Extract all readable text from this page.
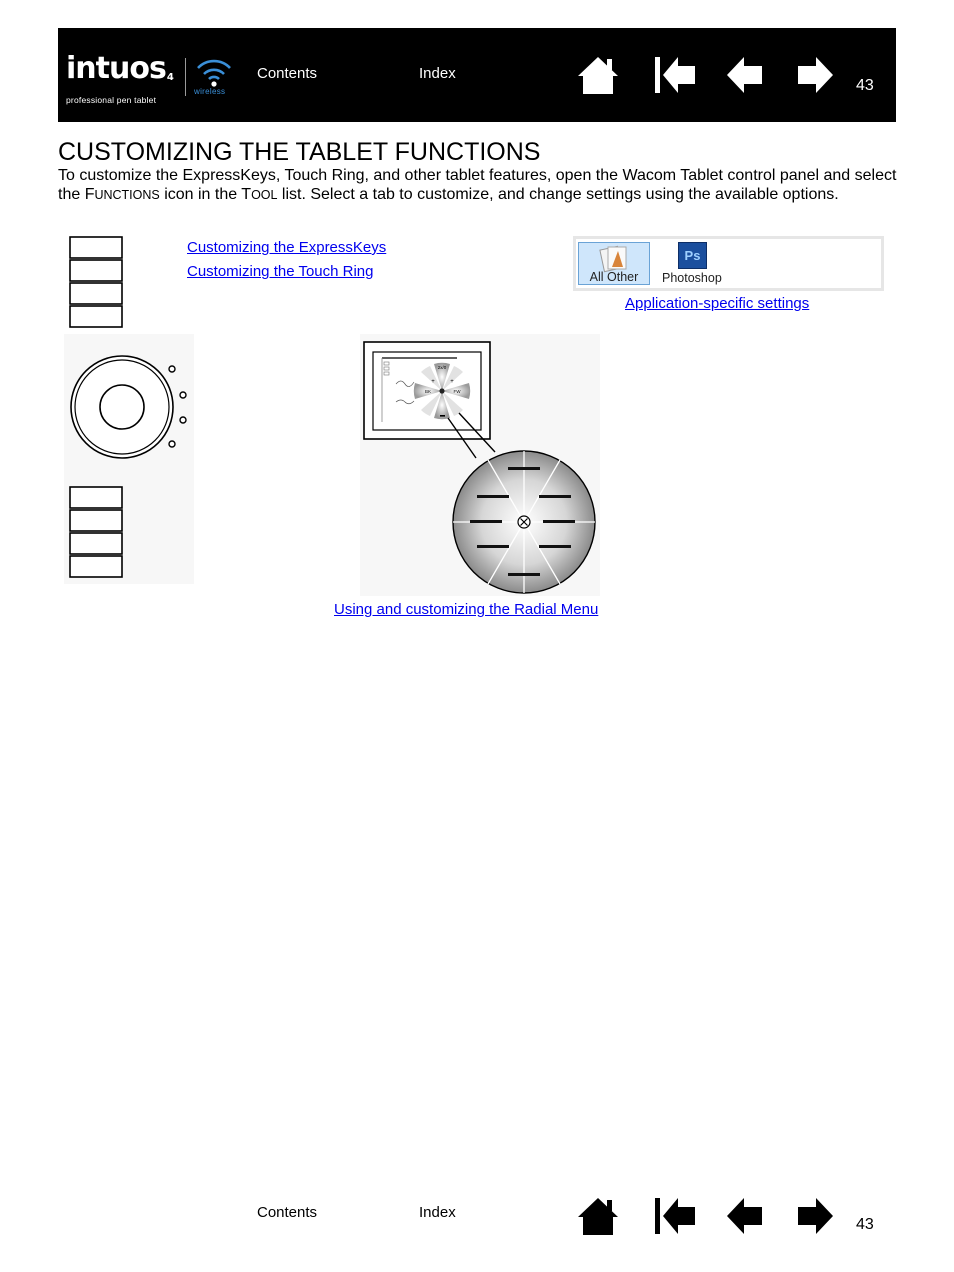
intuos4
professional pen tablet
wireless
Contents	Index
43
CUSTOMIZING THE TABLET FUNCTIONS

To customize the ExpressKeys, Touch Ring, and other tablet features, open the Wacom Tablet control panel and select the FUNCTIONS icon in the TOOL list. Select a tab to customize, and change settings using the available options.

Customizing the ExpressKeys
Customizing the Touch Ring	All Other
Ps
Photoshop
Application-specific settings
2x/0
BK	FW
+	+
Using and customizing the Radial Menu
Contents	Index
43
